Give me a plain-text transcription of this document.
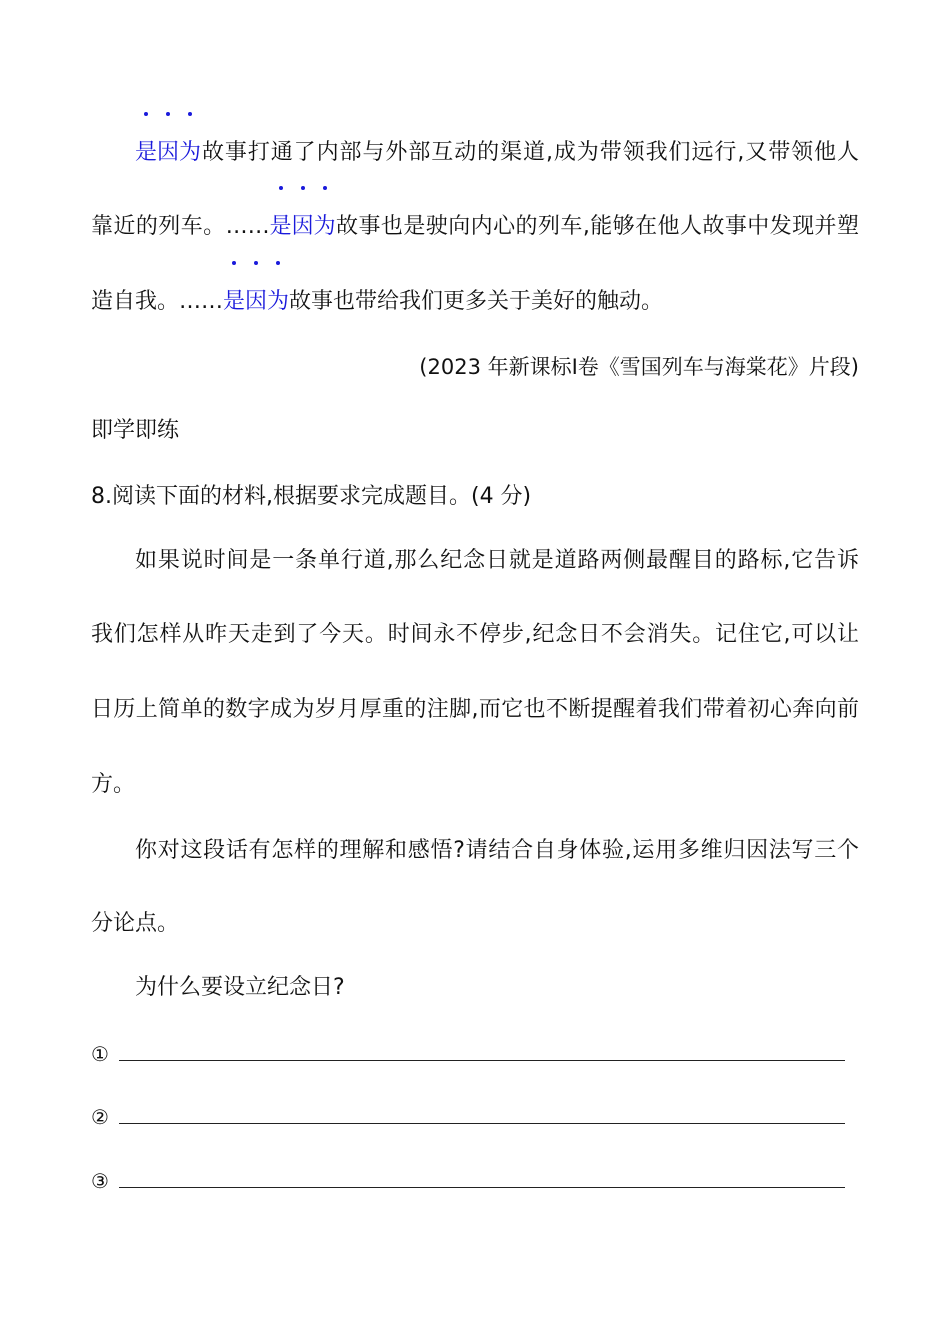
是因为故事打通了内部与外部互动的渠道,成为带领我们远行,又带领他人
靠近的列车。……
是因为故事也是驶向内心的列车,能够在他人故事中发现并塑
造自我。……
是因为故事也带给我们更多关于美好的触动。
(2023 年新课标Ⅰ卷《雪国列车与海棠花》片段)
即学即练
8.阅读下面的材料,根据要求完成题目。(4 分)
如果说时间是一条单行道,那么纪念日就是道路两侧最醒目的路标,它告诉
我们怎样从昨天走到了今天。时间永不停步,纪念日不会消失。记住它,可以让
日历上简单的数字成为岁月厚重的注脚,而它也不断提醒着我们带着初心奔向前
方。
你对这段话有怎样的理解和感悟?请结合自身体验,运用多维归因法写三个
分论点。
为什么要设立纪念日?
①
②
③
